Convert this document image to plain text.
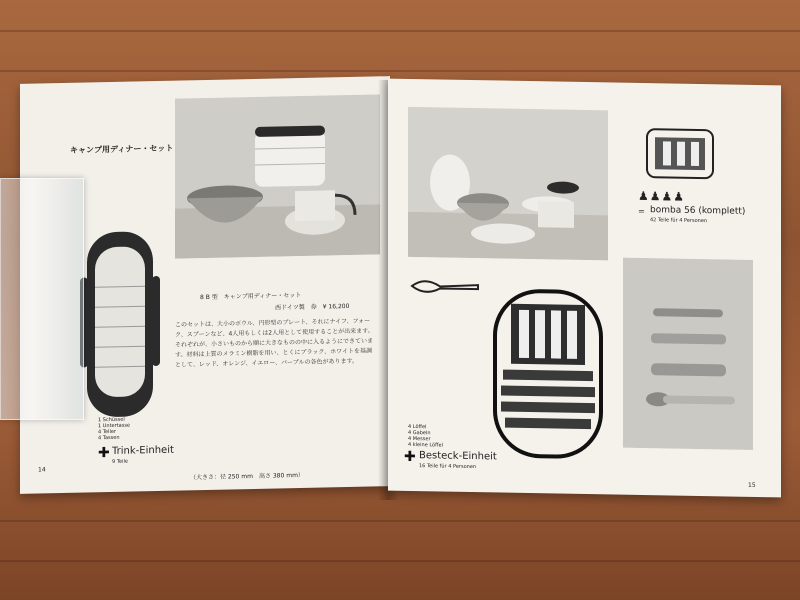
キャンプ用ディナー・セット
8 B 型　キャンプ用ディナー・セット
西ドイツ製　券　¥ 16,200
このセットは、大小のボウル、円形型のプレート、それにナイフ、フォーク、スプーンなど、4人用もしくは2人用として使用することが出来ます。それぞれが、小さいものから順に大きなものの中に入るようにできています。材料は上質のメラミン樹脂を用い、とくにブラック、ホワイトを基調として、レッド、オレンジ、イエロー、パープルの各色があります。
（大きさ：径 250 mm　高さ 380 mm）
1 Schüssel
1 Untertasse
4 Teller
4 Tassen
✚ Trink-Einheit
9 Teile
14
♟♟♟♟
＝ bomba 56 (komplett)
42 Teile für 4 Personen
4 Löffel
4 Gabeln
4 Messer
4 kleine Löffel
✚ Besteck-Einheit
16 Teile für 4 Personen
15
